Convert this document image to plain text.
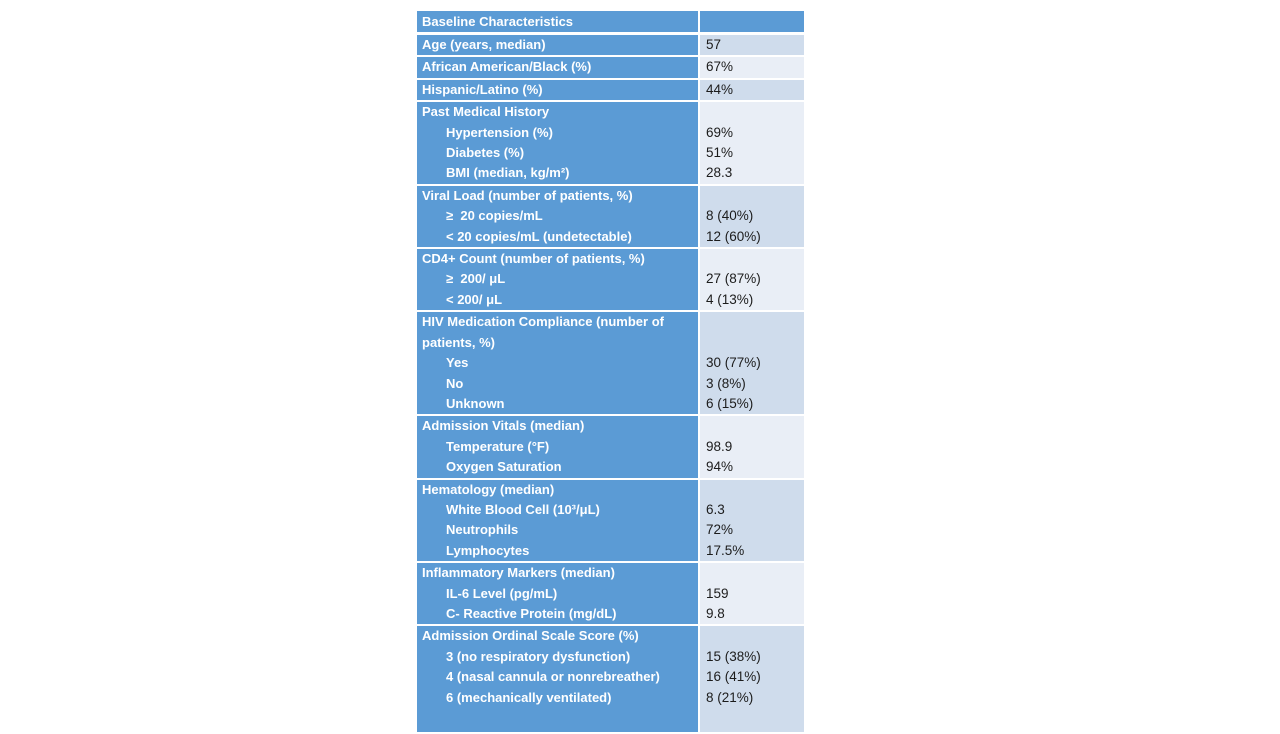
Baseline Characteristics
Age (years, median)	57
African American/Black (%)	67%
Hispanic/Latino (%)	44%
Past Medical History
Hypertension (%)	69%
Diabetes (%)	51%
BMI (median, kg/m²)	28.3
Viral Load (number of patients, %)
≥  20 copies/mL	8 (40%)
< 20 copies/mL (undetectable)	12 (60%)
CD4+ Count (number of patients, %)
≥  200/ μL	27 (87%)
< 200/ μL	4 (13%)
HIV Medication Compliance (number of patients, %)
Yes	30 (77%)
No	3 (8%)
Unknown	6 (15%)
Admission Vitals (median)
Temperature (°F)	98.9
Oxygen Saturation	94%
Hematology (median)
White Blood Cell (10³/μL)	6.3
Neutrophils	72%
Lymphocytes	17.5%
Inflammatory Markers (median)
IL-6 Level (pg/mL)	159
C- Reactive Protein (mg/dL)	9.8
Admission Ordinal Scale Score (%)
3 (no respiratory dysfunction)	15 (38%)
4 (nasal cannula or nonrebreather)	16 (41%)
6 (mechanically ventilated)	8 (21%)
